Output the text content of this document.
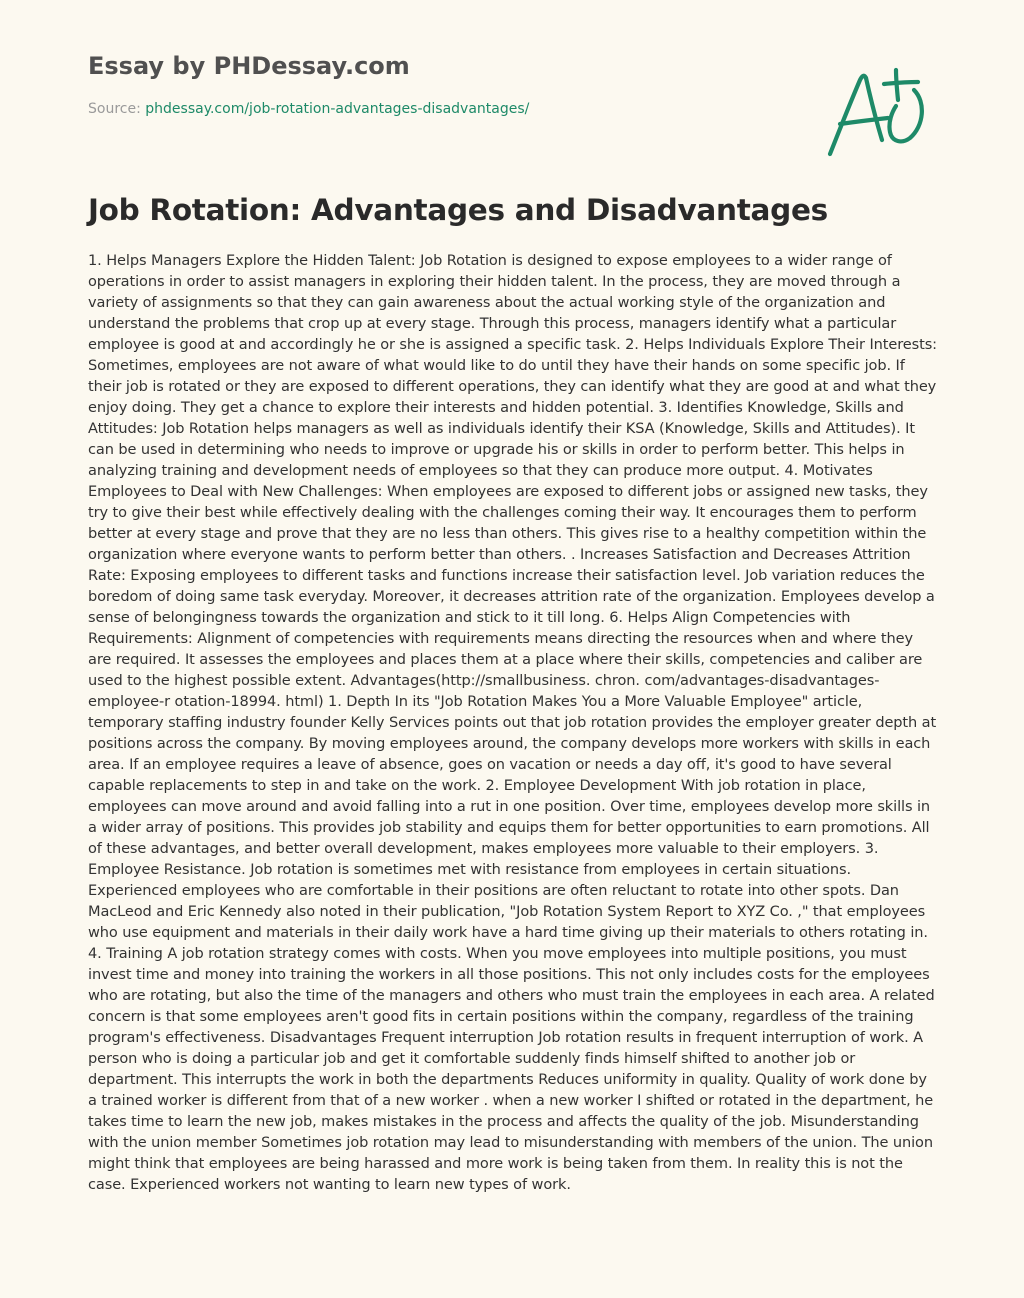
Essay by PHDessay.com

Source: phdessay.com/job-rotation-advantages-disadvantages/
Job Rotation: Advantages and Disadvantages

1. Helps Managers Explore the Hidden Talent: Job Rotation is designed to expose employees to a wider range of operations in order to assist managers in exploring their hidden talent. In the process, they are moved through a variety of assignments so that they can gain awareness about the actual working style of the organization and understand the problems that crop up at every stage. Through this process, managers identify what a particular employee is good at and accordingly he or she is assigned a specific task. 2. Helps Individuals Explore Their Interests: Sometimes, employees are not aware of what would like to do until they have their hands on some specific job. If their job is rotated or they are exposed to different operations, they can identify what they are good at and what they enjoy doing. They get a chance to explore their interests and hidden potential. 3. Identifies Knowledge, Skills and Attitudes: Job Rotation helps managers as well as individuals identify their KSA (Knowledge, Skills and Attitudes). It can be used in determining who needs to improve or upgrade his or skills in order to perform better. This helps in analyzing training and development needs of employees so that they can produce more output. 4. Motivates Employees to Deal with New Challenges: When employees are exposed to different jobs or assigned new tasks, they try to give their best while effectively dealing with the challenges coming their way. It encourages them to perform better at every stage and prove that they are no less than others. This gives rise to a healthy competition within the organization where everyone wants to perform better than others. . Increases Satisfaction and Decreases Attrition Rate: Exposing employees to different tasks and functions increase their satisfaction level. Job variation reduces the boredom of doing same task everyday. Moreover, it decreases attrition rate of the organization. Employees develop a sense of belongingness towards the organization and stick to it till long. 6. Helps Align Competencies with Requirements: Alignment of competencies with requirements means directing the resources when and where they are required. It assesses the employees and places them at a place where their skills, competencies and caliber are used to the highest possible extent. Advantages(http://smallbusiness. chron. com/advantages-disadvantages-employee-r otation-18994. html) 1. Depth In its "Job Rotation Makes You a More Valuable Employee" article, temporary staffing industry founder Kelly Services points out that job rotation provides the employer greater depth at positions across the company. By moving employees around, the company develops more workers with skills in each area. If an employee requires a leave of absence, goes on vacation or needs a day off, it's good to have several capable replacements to step in and take on the work. 2. Employee Development With job rotation in place, employees can move around and avoid falling into a rut in one position. Over time, employees develop more skills in a wider array of positions. This provides job stability and equips them for better opportunities to earn promotions. All of these advantages, and better overall development, makes employees more valuable to their employers. 3. Employee Resistance. Job rotation is sometimes met with resistance from employees in certain situations. Experienced employees who are comfortable in their positions are often reluctant to rotate into other spots. Dan MacLeod and Eric Kennedy also noted in their publication, "Job Rotation System Report to XYZ Co. ," that employees who use equipment and materials in their daily work have a hard time giving up their materials to others rotating in. 4. Training A job rotation strategy comes with costs. When you move employees into multiple positions, you must invest time and money into training the workers in all those positions. This not only includes costs for the employees who are rotating, but also the time of the managers and others who must train the employees in each area. A related concern is that some employees aren't good fits in certain positions within the company, regardless of the training program's effectiveness. Disadvantages Frequent interruption Job rotation results in frequent interruption of work. A person who is doing a particular job and get it comfortable suddenly finds himself shifted to another job or department. This interrupts the work in both the departments Reduces uniformity in quality. Quality of work done by a trained worker is different from that of a new worker . when a new worker I shifted or rotated in the department, he takes time to learn the new job, makes mistakes in the process and affects the quality of the job. Misunderstanding with the union member Sometimes job rotation may lead to misunderstanding with members of the union. The union might think that employees are being harassed and more work is being taken from them. In reality this is not the case. Experienced workers not wanting to learn new types of work.
